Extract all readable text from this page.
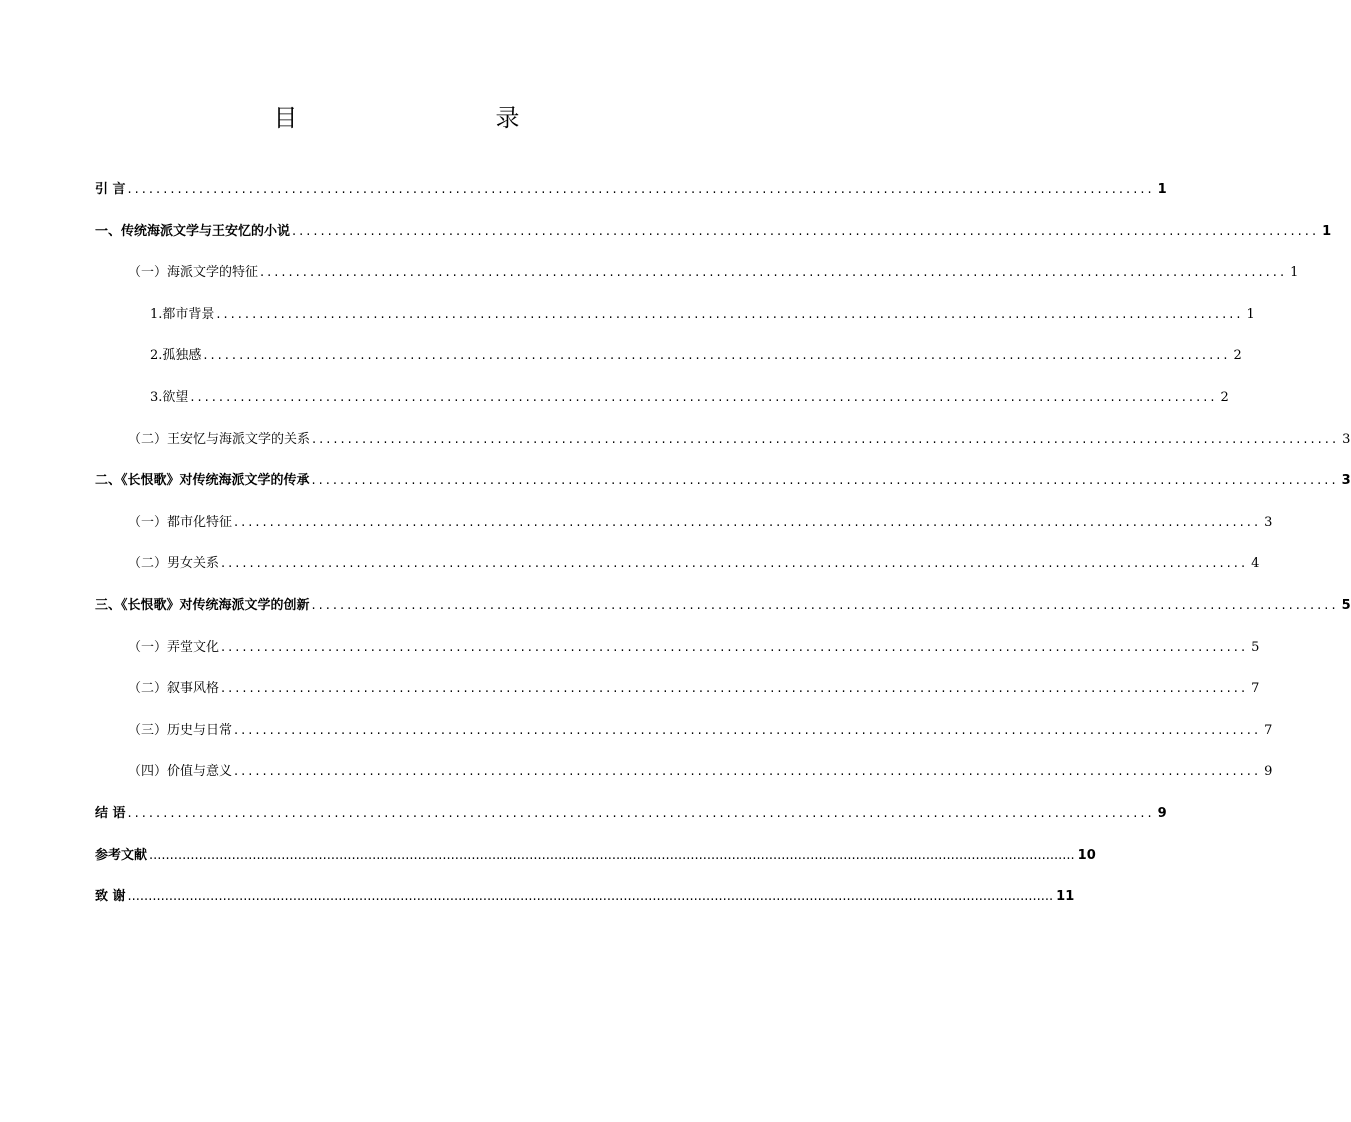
目　　录
引 言 ................................................................................................................................................ 1
一、传统海派文学与王安忆的小说 ................................................................................................................................................ 1
（一）海派文学的特征 ................................................................................................................................................ 1
1.都市背景 ................................................................................................................................................ 1
2.孤独感 ................................................................................................................................................ 2
3.欲望 ................................................................................................................................................ 2
（二）王安忆与海派文学的关系 ................................................................................................................................................ 3
二、《长恨歌》对传统海派文学的传承 ................................................................................................................................................ 3
（一）都市化特征 ................................................................................................................................................ 3
（二）男女关系 ................................................................................................................................................ 4
三、《长恨歌》对传统海派文学的创新 ................................................................................................................................................ 5
（一）弄堂文化 ................................................................................................................................................ 5
（二）叙事风格 ................................................................................................................................................ 7
（三）历史与日常 ................................................................................................................................................ 7
（四）价值与意义 ................................................................................................................................................ 9
结 语 ................................................................................................................................................ 9
参考文献 ................................................................................................................................................................................................................................ 10
致 谢 ................................................................................................................................................................................................................................ 11
